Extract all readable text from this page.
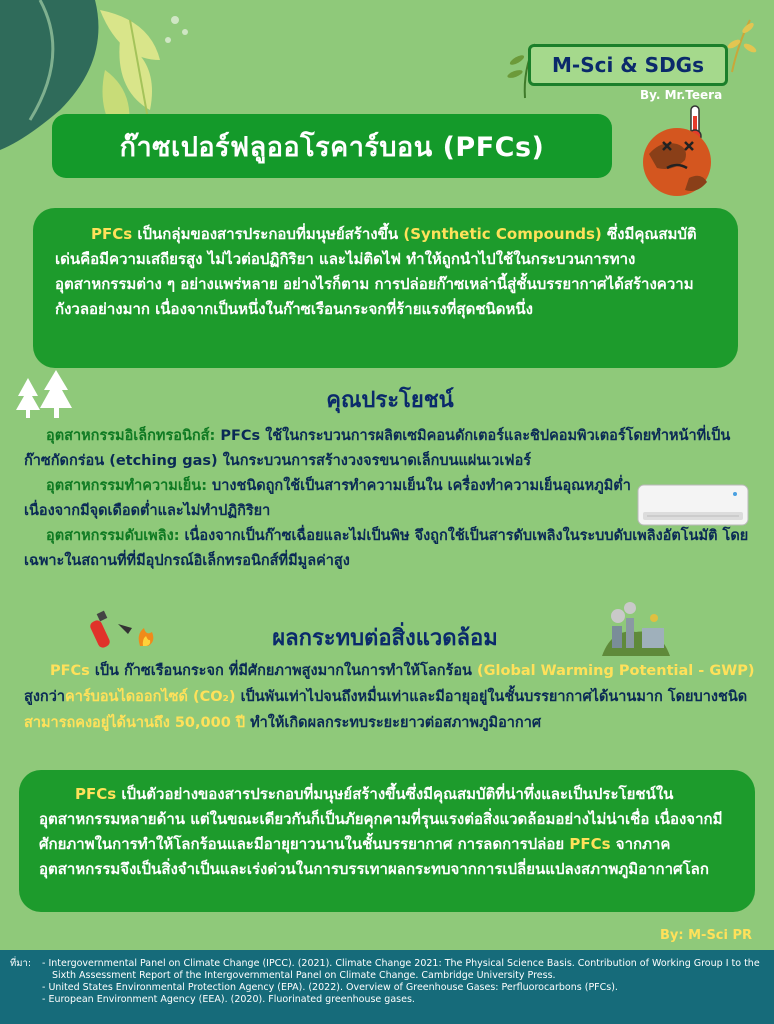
M-Sci & SDGs
By. Mr.Teera
ก๊าซเปอร์ฟลูออโรคาร์บอน (PFCs)

PFCs เป็นกลุ่มของสารประกอบที่มนุษย์สร้างขึ้น (Synthetic Compounds) ซึ่งมีคุณสมบัติเด่นคือมีความเสถียรสูง ไม่ไวต่อปฏิกิริยา และไม่ติดไฟ ทำให้ถูกนำไปใช้ในกระบวนการทางอุตสาหกรรมต่าง ๆ อย่างแพร่หลาย อย่างไรก็ตาม การปล่อยก๊าซเหล่านี้สู่ชั้นบรรยากาศได้สร้างความกังวลอย่างมาก เนื่องจากเป็นหนึ่งในก๊าซเรือนกระจกที่ร้ายแรงที่สุดชนิดหนึ่ง

คุณประโยชน์

อุตสาหกรรมอิเล็กทรอนิกส์: PFCs ใช้ในกระบวนการผลิตเซมิคอนดักเตอร์และชิปคอมพิวเตอร์โดยทำหน้าที่เป็น ก๊าซกัดกร่อน (etching gas) ในกระบวนการสร้างวงจรขนาดเล็กบนแผ่นเวเฟอร์

อุตสาหกรรมทำความเย็น: บางชนิดถูกใช้เป็นสารทำความเย็นใน เครื่องทำความเย็นอุณหภูมิต่ำ เนื่องจากมีจุดเดือดต่ำและไม่ทำปฏิกิริยา

อุตสาหกรรมดับเพลิง: เนื่องจากเป็นก๊าซเฉื่อยและไม่เป็นพิษ จึงถูกใช้เป็นสารดับเพลิงในระบบดับเพลิงอัตโนมัติ โดยเฉพาะในสถานที่ที่มีอุปกรณ์อิเล็กทรอนิกส์ที่มีมูลค่าสูง

ผลกระทบต่อสิ่งแวดล้อม

PFCs เป็น ก๊าซเรือนกระจก ที่มีศักยภาพสูงมากในการทำให้โลกร้อน (Global Warming Potential - GWP) สูงกว่าคาร์บอนไดออกไซด์ (CO₂) เป็นพันเท่าไปจนถึงหมื่นเท่าและมีอายุอยู่ในชั้นบรรยากาศได้นานมาก โดยบางชนิดสามารถคงอยู่ได้นานถึง 50,000 ปี ทำให้เกิดผลกระทบระยะยาวต่อสภาพภูมิอากาศ

PFCs เป็นตัวอย่างของสารประกอบที่มนุษย์สร้างขึ้นซึ่งมีคุณสมบัติที่น่าทึ่งและเป็นประโยชน์ในอุตสาหกรรมหลายด้าน แต่ในขณะเดียวกันก็เป็นภัยคุกคามที่รุนแรงต่อสิ่งแวดล้อมอย่างไม่น่าเชื่อ เนื่องจากมีศักยภาพในการทำให้โลกร้อนและมีอายุยาวนานในชั้นบรรยากาศ การลดการปล่อย PFCs จากภาคอุตสาหกรรมจึงเป็นสิ่งจำเป็นและเร่งด่วนในการบรรเทาผลกระทบจากการเปลี่ยนแปลงสภาพภูมิอากาศโลก

By: M-Sci PR
ที่มา:	- Intergovernmental Panel on Climate Change (IPCC). (2021). Climate Change 2021: The Physical Science Basis. Contribution of Working Group I to the Sixth Assessment Report of the Intergovernmental Panel on Climate Change. Cambridge University Press.
- United States Environmental Protection Agency (EPA). (2022). Overview of Greenhouse Gases: Perfluorocarbons (PFCs).
- European Environment Agency (EEA). (2020). Fluorinated greenhouse gases.
